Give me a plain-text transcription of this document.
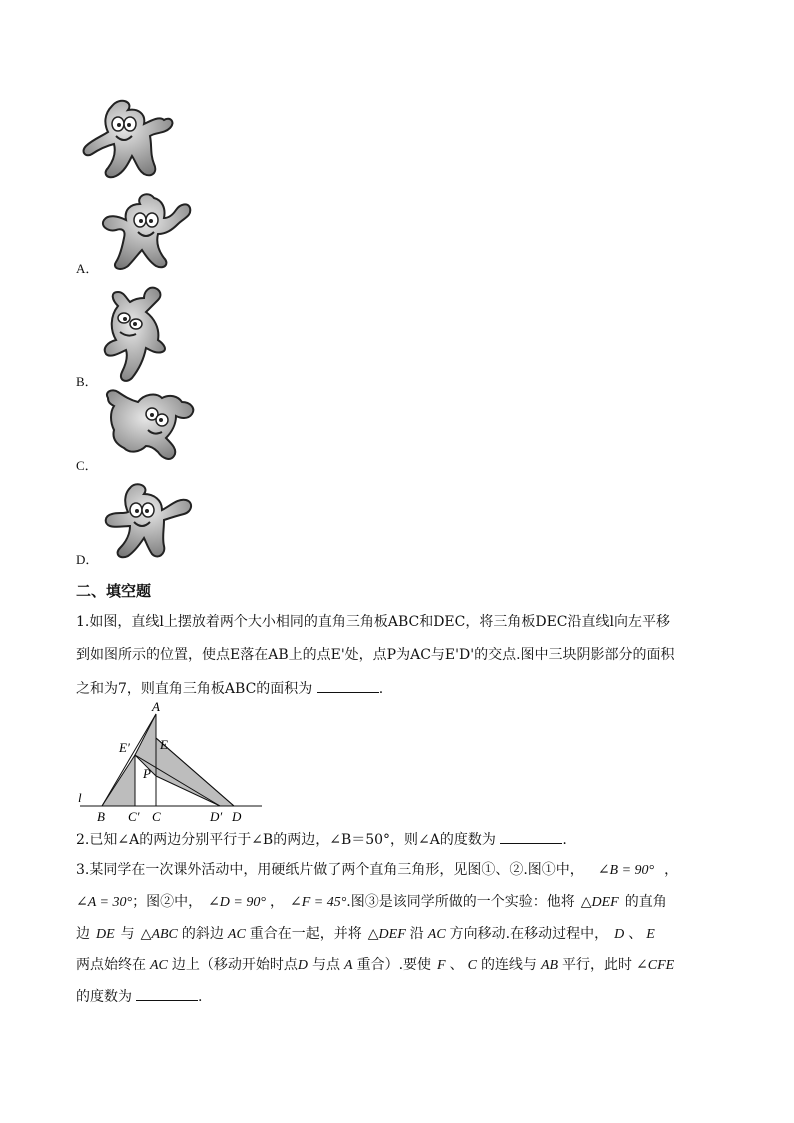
A．
B．
C．
D．
二、填空题
1.如图，直线l上摆放着两个大小相同的直角三角板ABC和DEC，将三角板DEC沿直线l向左平移
到如图所示的位置，使点E落在AB上的点E'处，点P为AC与E'D'的交点.图中三块阴影部分的面积
之和为7，则直角三角板ABC的面积为	.
A
E′ E
P
l
B C′ C	D′ D
2.已知∠A的两边分别平行于∠B的两边，∠B＝50°，则∠A的度数为	.
3.某同学在一次课外活动中，用硬纸片做了两个直角三角形，见图①、②.图①中， ∠B = 90° ，
∠A = 30°；图②中， ∠D = 90° ， ∠F = 45°.图③是该同学所做的一个实验：他将 △DEF 的直角
边 DE 与 △ABC 的斜边 AC 重合在一起，并将 △DEF 沿 AC 方向移动.在移动过程中， D 、 E
两点始终在 AC 边上（移动开始时点D 与点 A 重合）.要使 F 、 C 的连线与 AB 平行，此时 ∠CFE
的度数为	.
